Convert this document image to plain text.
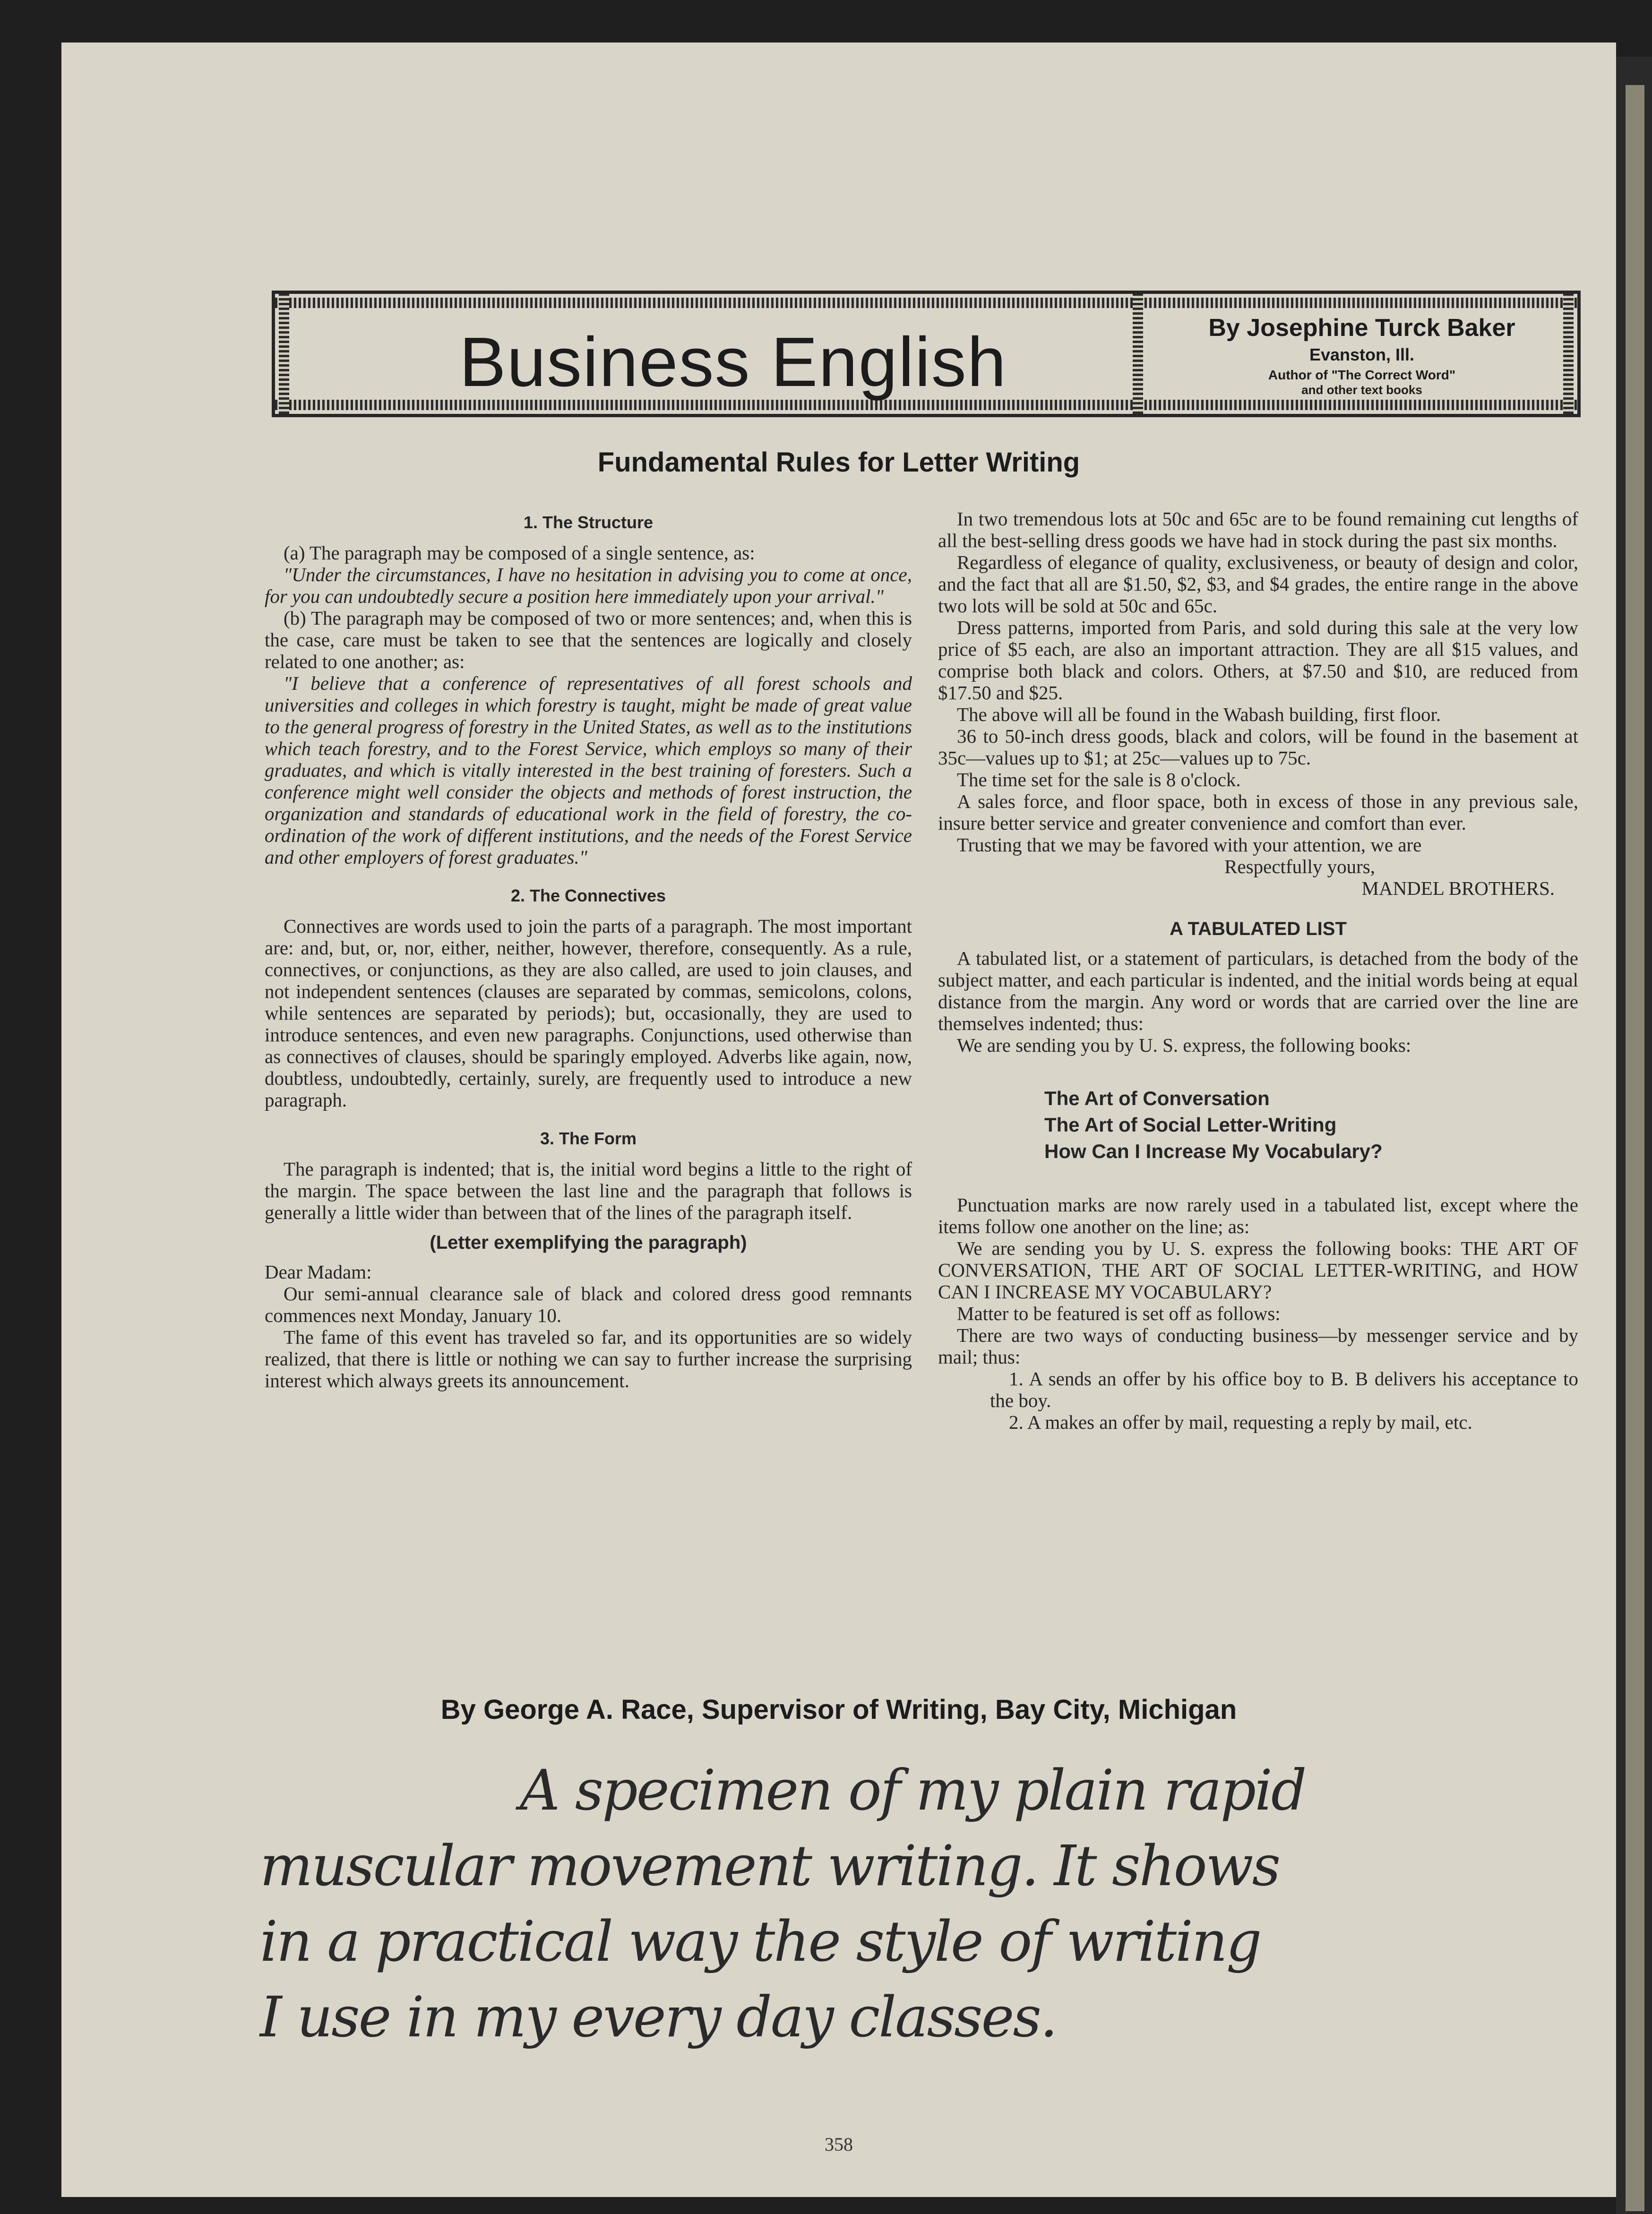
Business English	By Josephine Turck Baker
Evanston, Ill.
Author of "The Correct Word"
and other text books
Fundamental Rules for Letter Writing
1. The Structure

(a) The paragraph may be composed of a single sentence, as:

"Under the circumstances, I have no hesitation in advising you to come at once, for you can undoubtedly secure a position here immediately upon your arrival."

(b) The paragraph may be composed of two or more sentences; and, when this is the case, care must be taken to see that the sentences are logically and closely related to one another; as:

"I believe that a conference of representatives of all forest schools and universities and colleges in which forestry is taught, might be made of great value to the general progress of forestry in the United States, as well as to the institutions which teach forestry, and to the Forest Service, which employs so many of their graduates, and which is vitally interested in the best training of foresters. Such a conference might well consider the objects and methods of forest instruction, the organization and standards of educational work in the field of forestry, the co-ordination of the work of different institutions, and the needs of the Forest Service and other employers of forest graduates."

2. The Connectives

Connectives are words used to join the parts of a paragraph. The most important are: and, but, or, nor, either, neither, however, therefore, consequently. As a rule, connectives, or conjunctions, as they are also called, are used to join clauses, and not independent sentences (clauses are separated by commas, semicolons, colons, while sentences are separated by periods); but, occasionally, they are used to introduce sentences, and even new paragraphs. Conjunctions, used otherwise than as connectives of clauses, should be sparingly employed. Adverbs like again, now, doubtless, undoubtedly, certainly, surely, are frequently used to introduce a new paragraph.

3. The Form

The paragraph is indented; that is, the initial word begins a little to the right of the margin. The space between the last line and the paragraph that follows is generally a little wider than between that of the lines of the paragraph itself.

(Letter exemplifying the paragraph)

Dear Madam:

Our semi-annual clearance sale of black and colored dress good remnants commences next Monday, January 10.

The fame of this event has traveled so far, and its opportunities are so widely realized, that there is little or nothing we can say to further increase the surprising interest which always greets its announcement.

In two tremendous lots at 50c and 65c are to be found remaining cut lengths of all the best-selling dress goods we have had in stock during the past six months.

Regardless of elegance of quality, exclusiveness, or beauty of design and color, and the fact that all are $1.50, $2, $3, and $4 grades, the entire range in the above two lots will be sold at 50c and 65c.

Dress patterns, imported from Paris, and sold during this sale at the very low price of $5 each, are also an important attraction. They are all $15 values, and comprise both black and colors. Others, at $7.50 and $10, are reduced from $17.50 and $25.

The above will all be found in the Wabash building, first floor.

36 to 50-inch dress goods, black and colors, will be found in the basement at 35c—values up to $1; at 25c—values up to 75c.

The time set for the sale is 8 o'clock.

A sales force, and floor space, both in excess of those in any previous sale, insure better service and greater convenience and comfort than ever.

Trusting that we may be favored with your attention, we are

Respectfully yours,
MANDEL BROTHERS.
A TABULATED LIST

A tabulated list, or a statement of particulars, is detached from the body of the subject matter, and each particular is indented, and the initial words being at equal distance from the margin. Any word or words that are carried over the line are themselves indented; thus:

We are sending you by U. S. express, the following books:

The Art of Conversation
The Art of Social Letter-Writing
How Can I Increase My Vocabulary?

Punctuation marks are now rarely used in a tabulated list, except where the items follow one another on the line; as:

We are sending you by U. S. express the following books: THE ART OF CONVERSATION, THE ART OF SOCIAL LETTER-WRITING, and HOW CAN I INCREASE MY VOCABULARY?

Matter to be featured is set off as follows:

There are two ways of conducting business—by messenger service and by mail; thus:

1. A sends an offer by his office boy to B. B delivers his acceptance to the boy.

2. A makes an offer by mail, requesting a reply by mail, etc.

By George A. Race, Supervisor of Writing, Bay City, Michigan
A specimen of my plain rapid
muscular movement writing. It shows
in a practical way the style of writing
I use in my every day classes.
358
